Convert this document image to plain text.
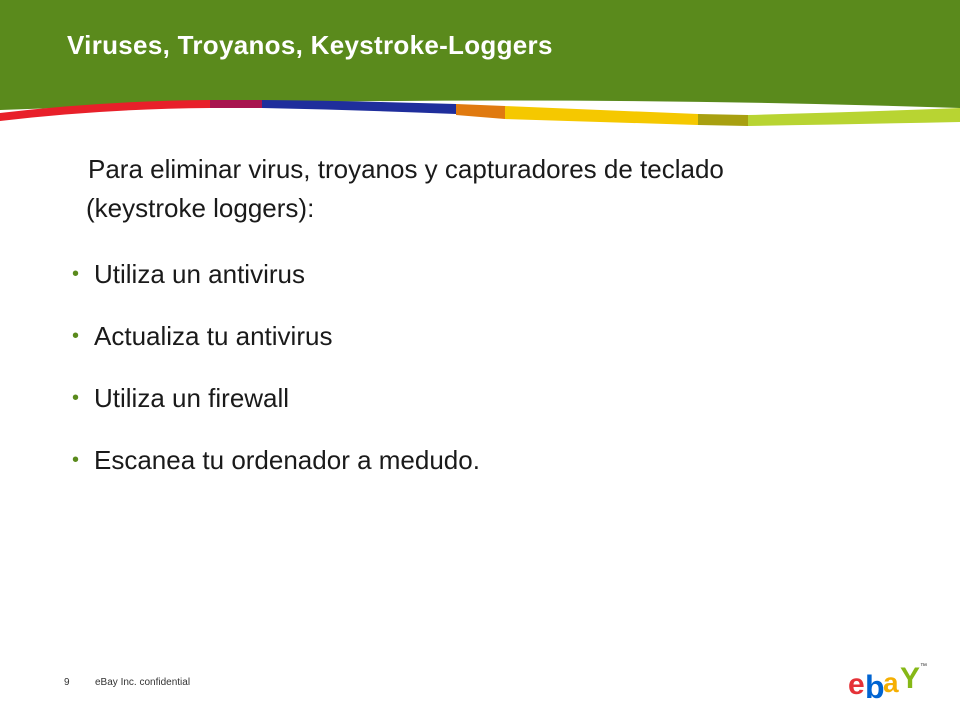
Viruses, Troyanos, Keystroke-Loggers

Para eliminar virus, troyanos y capturadores de teclado
(keystroke loggers):

• Utiliza un antivirus
• Actualiza tu antivirus
• Utiliza un firewall
• Escanea tu ordenador a medudo.
9	eBay Inc. confidential	e b
a Y ™
